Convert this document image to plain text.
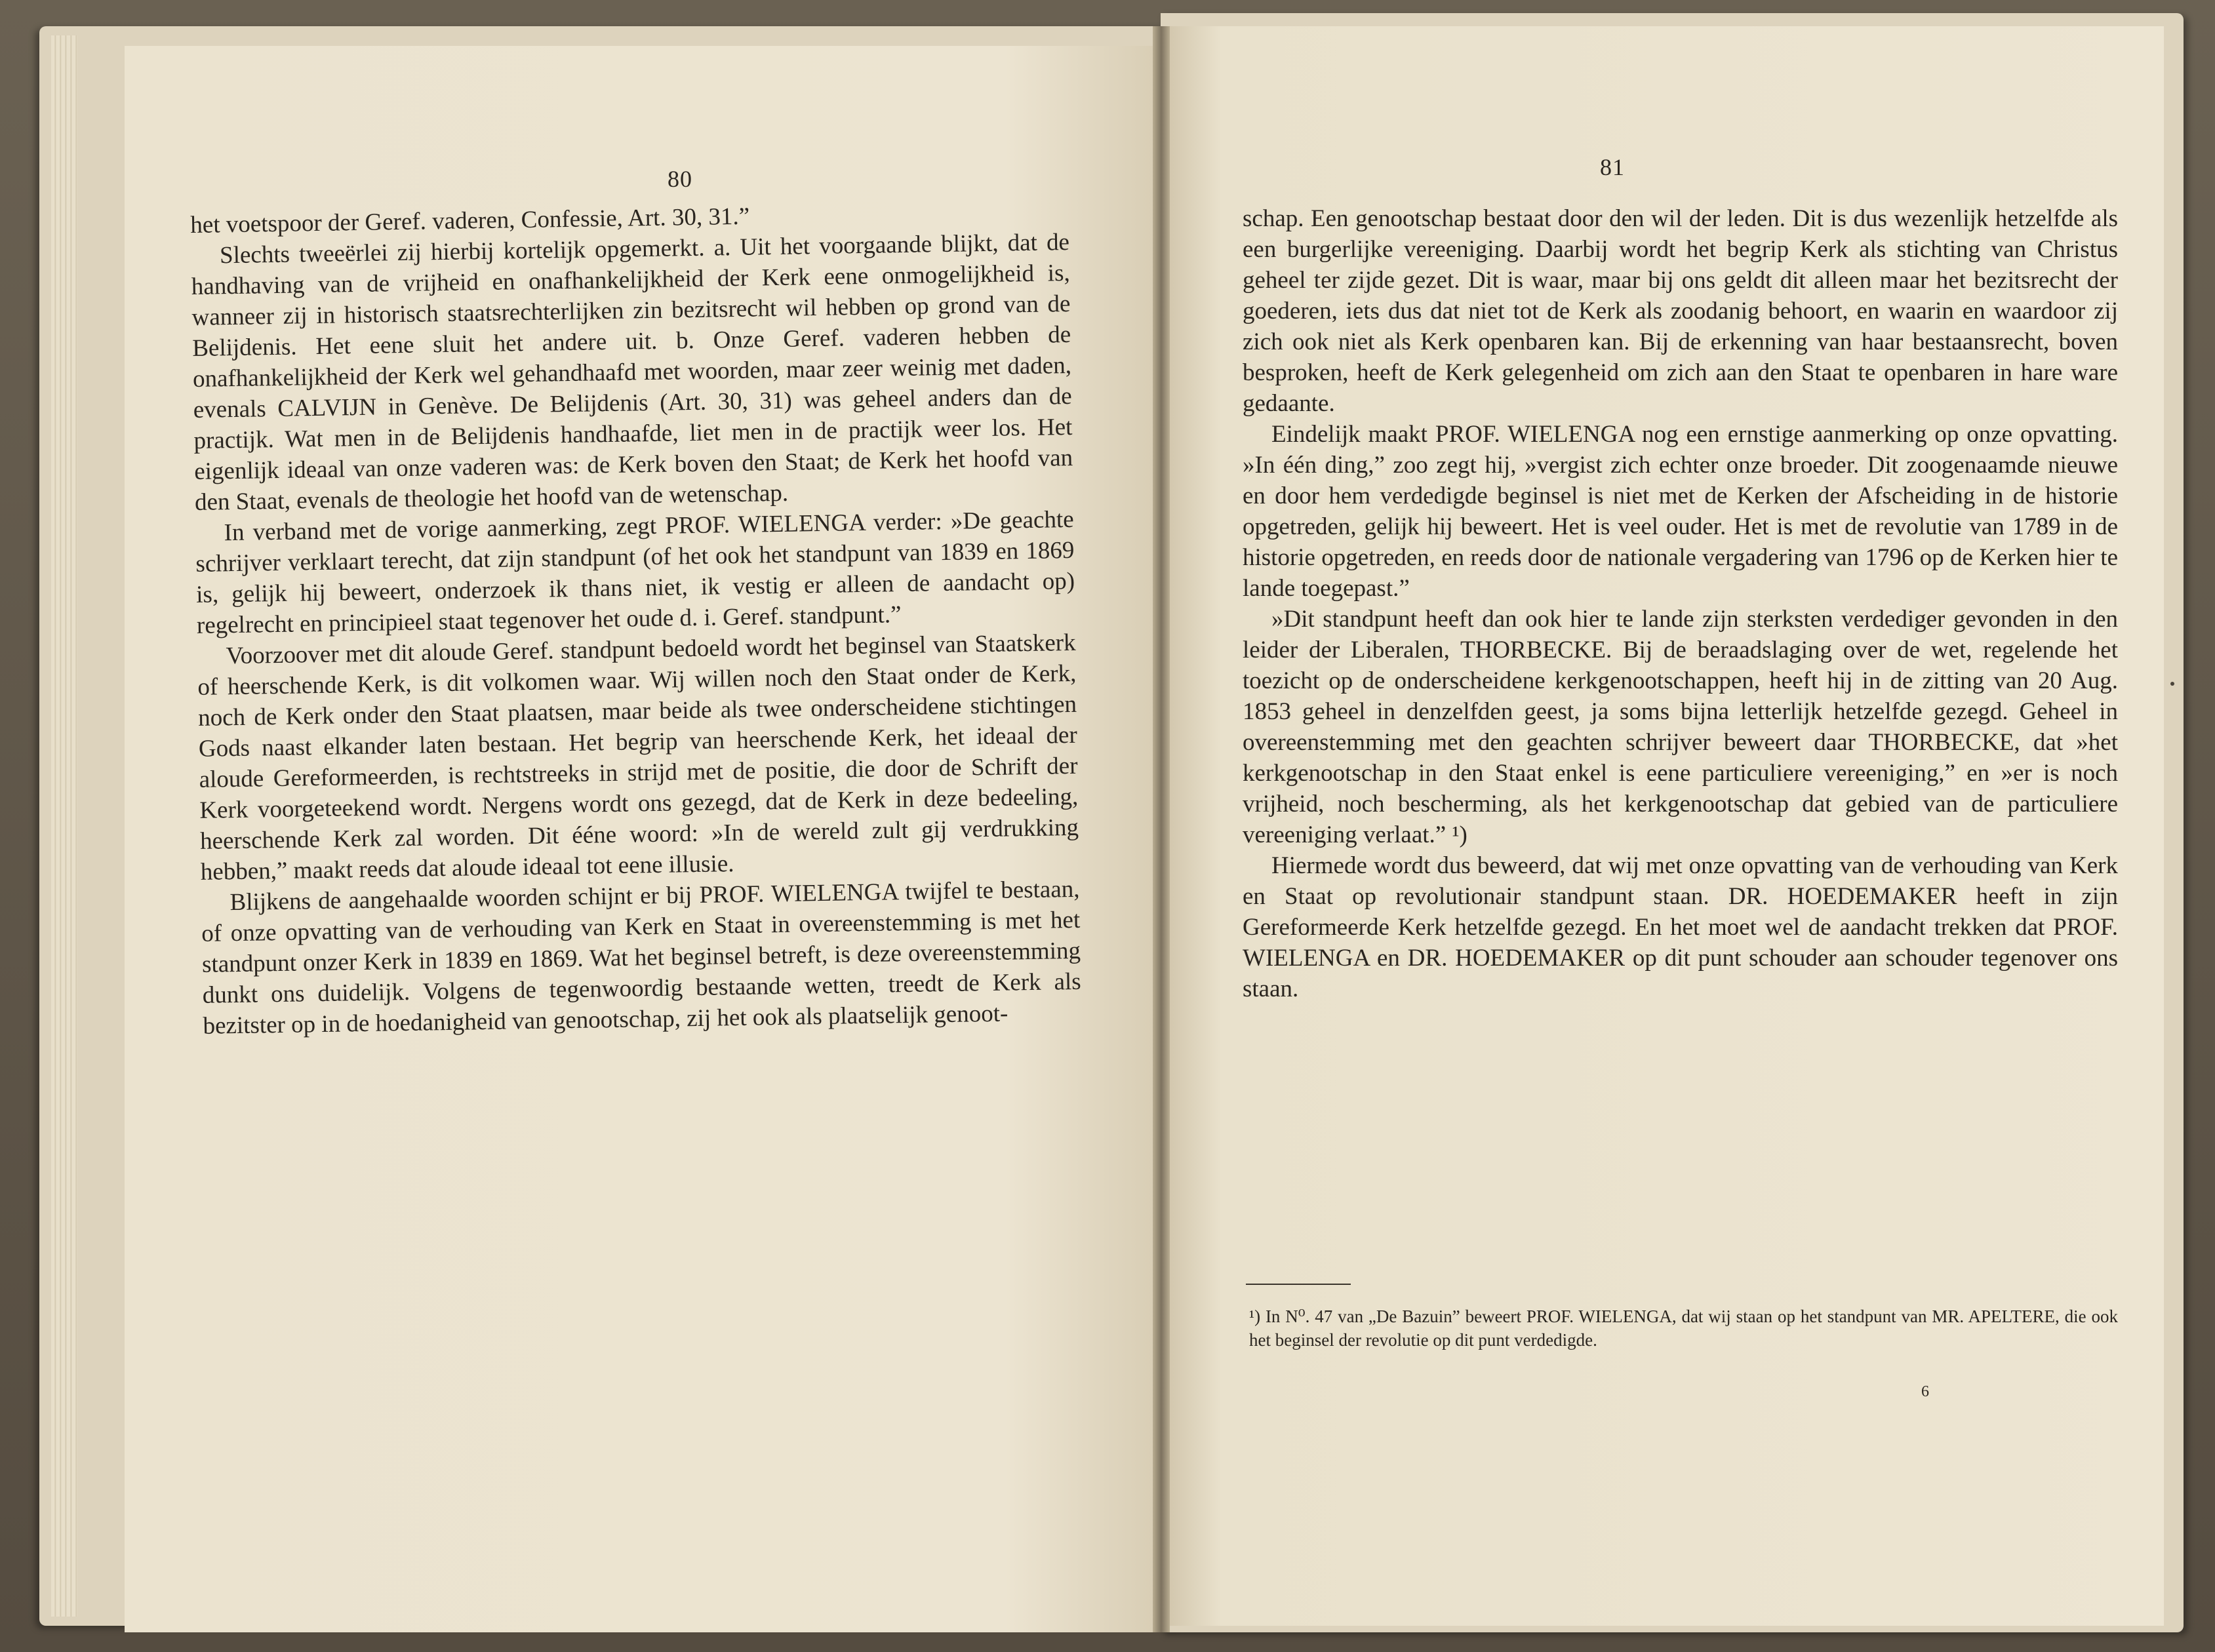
80	81

het voetspoor der Geref. vaderen, Confessie, Art. 30, 31.”

Slechts tweeërlei zij hierbij kortelijk opgemerkt. a. Uit het voorgaande blijkt, dat de handhaving van de vrijheid en onafhankelijkheid der Kerk eene onmogelijkheid is, wanneer zij in historisch staatsrechterlijken zin bezitsrecht wil hebben op grond van de Belijdenis. Het eene sluit het andere uit. b. Onze Geref. vaderen hebben de onafhankelijkheid der Kerk wel gehandhaafd met woorden, maar zeer weinig met daden, evenals CALVIJN in Genève. De Belijdenis (Art. 30, 31) was geheel anders dan de practijk. Wat men in de Belijdenis handhaafde, liet men in de practijk weer los. Het eigenlijk ideaal van onze vaderen was: de Kerk boven den Staat; de Kerk het hoofd van den Staat, evenals de theologie het hoofd van de wetenschap.

In verband met de vorige aanmerking, zegt PROF. WIELENGA verder: »De geachte schrijver verklaart terecht, dat zijn standpunt (of het ook het standpunt van 1839 en 1869 is, gelijk hij beweert, onderzoek ik thans niet, ik vestig er alleen de aandacht op) regelrecht en principieel staat tegenover het oude d. i. Geref. standpunt.”

Voorzoover met dit aloude Geref. standpunt bedoeld wordt het beginsel van Staatskerk of heerschende Kerk, is dit volkomen waar. Wij willen noch den Staat onder de Kerk, noch de Kerk onder den Staat plaatsen, maar beide als twee onderscheidene stichtingen Gods naast elkander laten bestaan. Het begrip van heerschende Kerk, het ideaal der aloude Gereformeerden, is rechtstreeks in strijd met de positie, die door de Schrift der Kerk voorgeteekend wordt. Nergens wordt ons gezegd, dat de Kerk in deze bedeeling, heerschende Kerk zal worden. Dit ééne woord: »In de wereld zult gij verdrukking hebben,” maakt reeds dat aloude ideaal tot eene illusie.

Blijkens de aangehaalde woorden schijnt er bij PROF. WIELENGA twijfel te bestaan, of onze opvatting van de verhouding van Kerk en Staat in overeenstemming is met het standpunt onzer Kerk in 1839 en 1869. Wat het beginsel betreft, is deze overeenstemming dunkt ons duidelijk. Volgens de tegenwoordig bestaande wetten, treedt de Kerk als bezitster op in de hoedanigheid van genootschap, zij het ook als plaatselijk genoot-

schap. Een genootschap bestaat door den wil der leden. Dit is dus wezenlijk hetzelfde als een burgerlijke vereeniging. Daarbij wordt het begrip Kerk als stichting van Christus geheel ter zijde gezet. Dit is waar, maar bij ons geldt dit alleen maar het bezitsrecht der goederen, iets dus dat niet tot de Kerk als zoodanig behoort, en waarin en waardoor zij zich ook niet als Kerk openbaren kan. Bij de erkenning van haar bestaansrecht, boven besproken, heeft de Kerk gelegenheid om zich aan den Staat te openbaren in hare ware gedaante.

Eindelijk maakt PROF. WIELENGA nog een ernstige aanmerking op onze opvatting. »In één ding,” zoo zegt hij, »vergist zich echter onze broeder. Dit zoogenaamde nieuwe en door hem verdedigde beginsel is niet met de Kerken der Afscheiding in de historie opgetreden, gelijk hij beweert. Het is veel ouder. Het is met de revolutie van 1789 in de historie opgetreden, en reeds door de nationale vergadering van 1796 op de Kerken hier te lande toegepast.”

»Dit standpunt heeft dan ook hier te lande zijn sterksten verdediger gevonden in den leider der Liberalen, THORBECKE. Bij de beraadslaging over de wet, regelende het toezicht op de onderscheidene kerkgenootschappen, heeft hij in de zitting van 20 Aug. 1853 geheel in denzelfden geest, ja soms bijna letterlijk hetzelfde gezegd. Geheel in overeenstemming met den geachten schrijver beweert daar THORBECKE, dat »het kerkgenootschap in den Staat enkel is eene particuliere vereeniging,” en »er is noch vrijheid, noch bescherming, als het kerkgenootschap dat gebied van de particuliere vereeniging verlaat.” ¹)

Hiermede wordt dus beweerd, dat wij met onze opvatting van de verhouding van Kerk en Staat op revolutionair standpunt staan. DR. HOEDEMAKER heeft in zijn Gereformeerde Kerk hetzelfde gezegd. En het moet wel de aandacht trekken dat PROF. WIELENGA en DR. HOEDEMAKER op dit punt schouder aan schouder tegenover ons staan.

¹) In N⁰. 47 van „De Bazuin” beweert PROF. WIELENGA, dat wij staan op het standpunt van MR. APELTERE, die ook het beginsel der revolutie op dit punt verdedigde.
6
